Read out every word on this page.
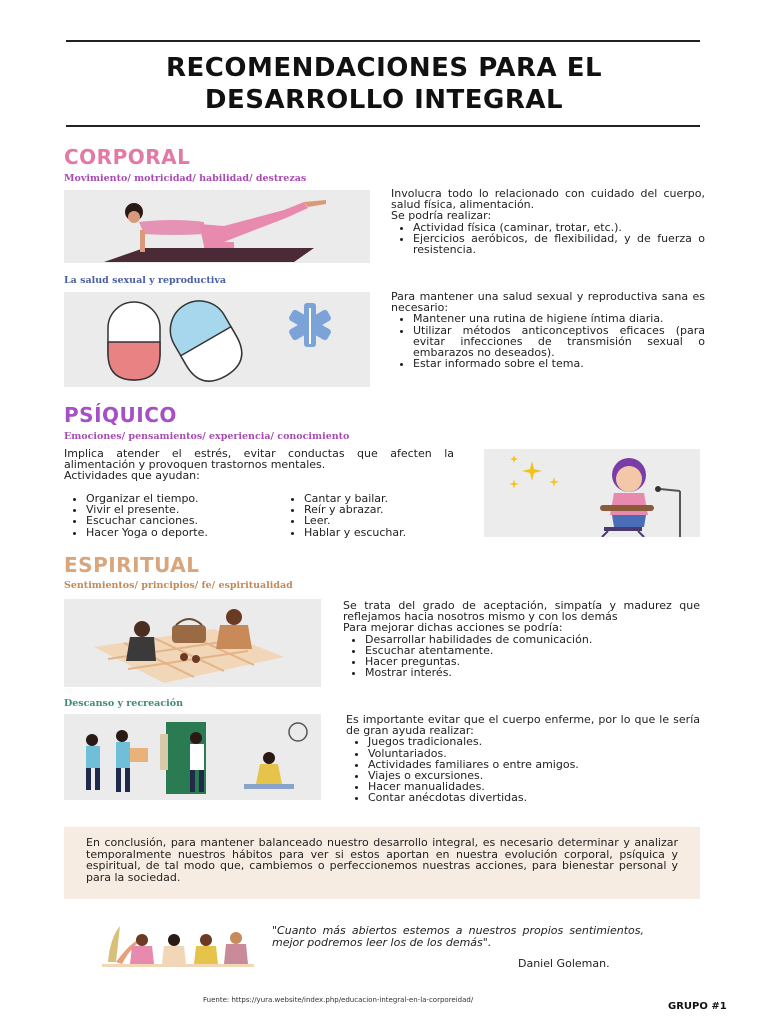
RECOMENDACIONES PARA EL
DESARROLLO INTEGRAL
CORPORAL
Movimiento/ motricidad/ habilidad/ destrezas

Involucra todo lo relacionado con cuidado del cuerpo, salud física, alimentación.

Se podría realizar:

• Actividad física (caminar, trotar, etc.).
• Ejercicios aeróbicos, de flexibilidad, y de fuerza o resistencia.
La salud sexual y reproductiva

Para mantener una salud sexual y reproductiva sana es necesario:

• Mantener una rutina de higiene íntima diaria.
• Utilizar métodos anticonceptivos eficaces (para evitar infecciones de transmisión sexual o embarazos no deseados).
• Estar informado sobre el tema.
PSÍQUICO
Emociones/ pensamientos/ experiencia/ conocimiento

Implica atender el estrés, evitar conductas que afecten la alimentación y provoquen trastornos mentales.

Actividades que ayudan:

• Organizar el tiempo.
• Vivir el presente.
• Escuchar canciones.
• Hacer Yoga o deporte.
• Cantar y bailar.
• Reír y abrazar.
• Leer.
• Hablar y escuchar.
ESPIRITUAL
Sentimientos/ principios/ fe/ espiritualidad

Se trata del grado de aceptación, simpatía y madurez que reflejamos hacia nosotros mismo y con los demás

Para mejorar dichas acciones se podría:

• Desarrollar habilidades de comunicación.
• Escuchar atentamente.
• Hacer preguntas.
• Mostrar interés.
Descanso y recreación

Es importante evitar que el cuerpo enferme, por lo que le sería de gran ayuda realizar:

• Juegos tradicionales.
• Voluntariados.
• Actividades familiares o entre amigos.
• Viajes o excursiones.
• Hacer manualidades.
• Contar anécdotas divertidas.
En conclusión, para mantener balanceado nuestro desarrollo integral, es necesario determinar y analizar temporalmente nuestros hábitos para ver si estos aportan en nuestra evolución corporal, psíquica y espiritual, de tal modo que, cambiemos o perfeccionemos nuestras acciones, para bienestar personal y para la sociedad.
"Cuanto más abiertos estemos a nuestros propios sentimientos, mejor podremos leer los de los demás".
Daniel Goleman.
Fuente: https://yura.website/index.php/educacion-integral-en-la-corporeidad/
GRUPO #1
